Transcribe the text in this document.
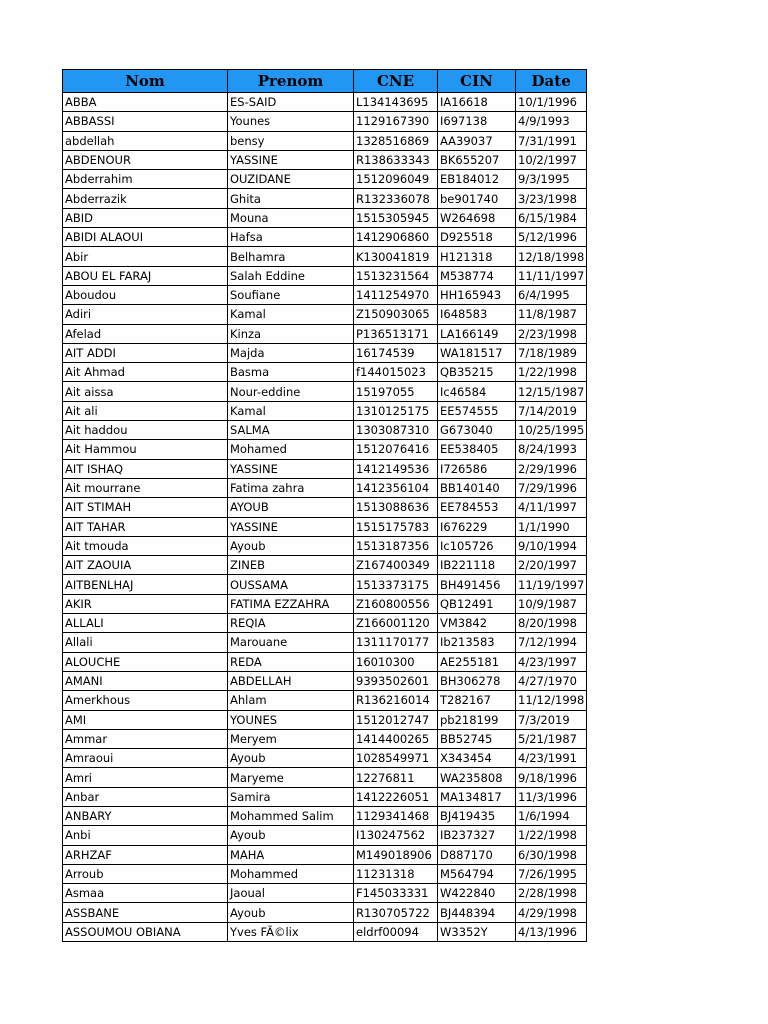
Nom	Prenom	CNE	CIN	Date
ABBA	ES-SAID	L134143695	IA16618	10/1/1996
ABBASSI	Younes	1129167390	I697138	4/9/1993
abdellah	bensy	1328516869	AA39037	7/31/1991
ABDENOUR	YASSINE	R138633343	BK655207	10/2/1997
Abderrahim	OUZIDANE	1512096049	EB184012	9/3/1995
Abderrazik	Ghita	R132336078	be901740	3/23/1998
ABID	Mouna	1515305945	W264698	6/15/1984
ABIDI ALAOUI	Hafsa	1412906860	D925518	5/12/1996
Abir	Belhamra	K130041819	H121318	12/18/1998
ABOU EL FARAJ	Salah Eddine	1513231564	M538774	11/11/1997
Aboudou	Soufiane	1411254970	HH165943	6/4/1995
Adiri	Kamal	Z150903065	I648583	11/8/1987
Afelad	Kinza	P136513171	LA166149	2/23/1998
AIT ADDI	Majda	16174539	WA181517	7/18/1989
Ait Ahmad	Basma	f144015023	QB35215	1/22/1998
Ait aissa	Nour-eddine	15197055	Ic46584	12/15/1987
Ait ali	Kamal	1310125175	EE574555	7/14/2019
Ait haddou	SALMA	1303087310	G673040	10/25/1995
Ait Hammou	Mohamed	1512076416	EE538405	8/24/1993
AIT ISHAQ	YASSINE	1412149536	I726586	2/29/1996
Ait mourrane	Fatima zahra	1412356104	BB140140	7/29/1996
AIT STIMAH	AYOUB	1513088636	EE784553	4/11/1997
AIT TAHAR	YASSINE	1515175783	I676229	1/1/1990
Ait tmouda	Ayoub	1513187356	Ic105726	9/10/1994
AIT ZAOUIA	ZINEB	Z167400349	IB221118	2/20/1997
AITBENLHAJ	OUSSAMA	1513373175	BH491456	11/19/1997
AKIR	FATIMA EZZAHRA	Z160800556	QB12491	10/9/1987
ALLALI	REQIA	Z166001120	VM3842	8/20/1998
Allali	Marouane	1311170177	Ib213583	7/12/1994
ALOUCHE	REDA	16010300	AE255181	4/23/1997
AMANI	ABDELLAH	9393502601	BH306278	4/27/1970
Amerkhous	Ahlam	R136216014	T282167	11/12/1998
AMI	YOUNES	1512012747	pb218199	7/3/2019
Ammar	Meryem	1414400265	BB52745	5/21/1987
Amraoui	Ayoub	1028549971	X343454	4/23/1991
Amri	Maryeme	12276811	WA235808	9/18/1996
Anbar	Samira	1412226051	MA134817	11/3/1996
ANBARY	Mohammed Salim	1129341468	BJ419435	1/6/1994
Anbi	Ayoub	I130247562	IB237327	1/22/1998
ARHZAF	MAHA	M149018906	D887170	6/30/1998
Arroub	Mohammed	11231318	M564794	7/26/1995
Asmaa	Jaoual	F145033331	W422840	2/28/1998
ASSBANE	Ayoub	R130705722	BJ448394	4/29/1998
ASSOUMOU OBIANA	Yves FÃ©lix	eldrf00094	W3352Y	4/13/1996
